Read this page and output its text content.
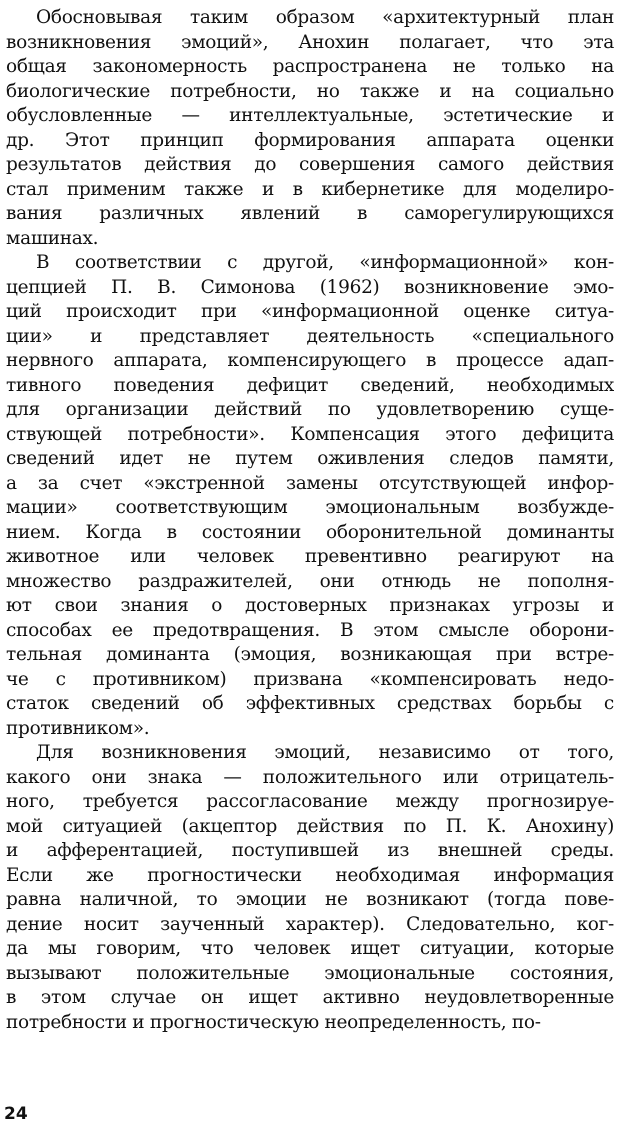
Обосновывая таким образом «архитектурный план
возникновения эмоций», Анохин полагает, что эта
общая закономерность распространена не только на
биологические потребности, но также и на социально
обусловленные — интеллектуальные, эстетические и
др. Этот принцип формирования аппарата оценки
результатов действия до совершения самого действия
стал применим также и в кибернетике для моделиро-
вания различных явлений в саморегулирующихся
машинах.
В соответствии с другой, «информационной» кон-
цепцией П. В. Симонова (1962) возникновение эмо-
ций происходит при «информационной оценке ситуа-
ции» и представляет деятельность «специального
нервного аппарата, компенсирующего в процессе адап-
тивного поведения дефицит сведений, необходимых
для организации действий по удовлетворению суще-
ствующей потребности». Компенсация этого дефицита
сведений идет не путем оживления следов памяти,
а за счет «экстренной замены отсутствующей инфор-
мации» соответствующим эмоциональным возбужде-
нием. Когда в состоянии оборонительной доминанты
животное или человек превентивно реагируют на
множество раздражителей, они отнюдь не пополня-
ют свои знания о достоверных признаках угрозы и
способах ее предотвращения. В этом смысле оборони-
тельная доминанта (эмоция, возникающая при встре-
че с противником) призвана «компенсировать недо-
статок сведений об эффективных средствах борьбы с
противником».
Для возникновения эмоций, независимо от того,
какого они знака — положительного или отрицатель-
ного, требуется рассогласование между прогнозируе-
мой ситуацией (акцептор действия по П. К. Анохину)
и афферентацией, поступившей из внешней среды.
Если же прогностически необходимая информация
равна наличной, то эмоции не возникают (тогда пове-
дение носит заученный характер). Следовательно, ког-
да мы говорим, что человек ищет ситуации, которые
вызывают положительные эмоциональные состояния,
в этом случае он ищет активно неудовлетворенные
потребности и прогностическую неопределенность, по-
24
